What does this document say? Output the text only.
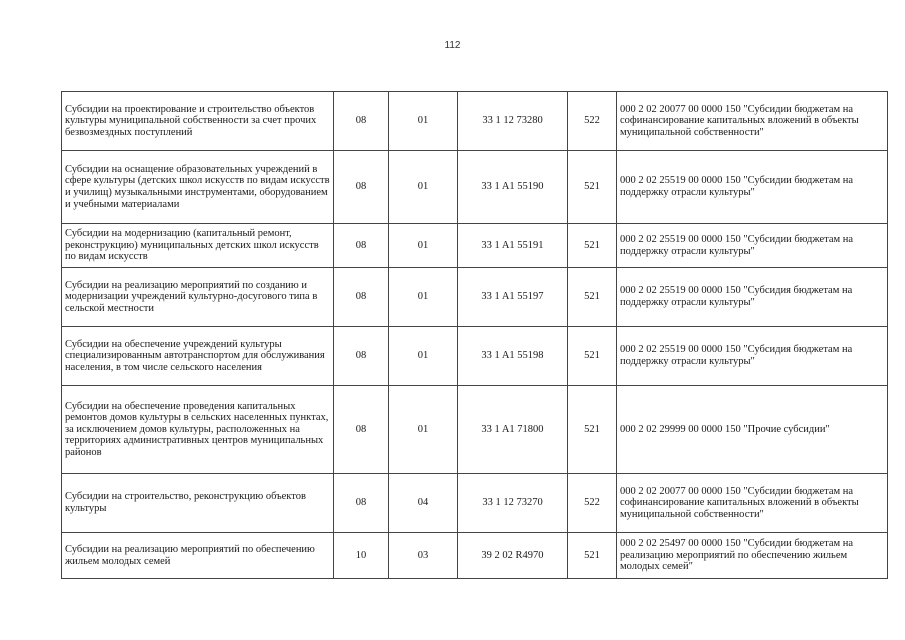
112
Субсидии на проектирование и строительство объектов культуры муниципальной собственности за счет прочих безвозмездных поступлений	08	01	33 1 12 73280	522	000 2 02 20077 00 0000 150 "Субсидии бюджетам на софинансирование капитальных вложений в объекты муниципальной собственности"
Субсидии на оснащение образовательных учреждений в сфере культуры (детских школ искусств по видам искусств и училищ) музыкальными инструментами, оборудованием и учебными материалами	08	01	33 1 A1 55190	521	000 2 02 25519 00 0000 150 "Субсидии бюджетам на поддержку отрасли культуры"
Субсидии на модернизацию (капитальный ремонт, реконструкцию) муниципальных детских школ искусств по видам искусств	08	01	33 1 A1 55191	521	000 2 02 25519 00 0000 150 "Субсидии бюджетам на поддержку отрасли культуры"
Субсидии на реализацию мероприятий по созданию и модернизации учреждений культурно-досугового типа в сельской местности	08	01	33 1 A1 55197	521	000 2 02 25519 00 0000 150 "Субсидия бюджетам на поддержку отрасли культуры"
Субсидии на обеспечение учреждений культуры специализированным автотранспортом для обслуживания населения, в том числе сельского населения	08	01	33 1 A1 55198	521	000 2 02 25519 00 0000 150 "Субсидия бюджетам на поддержку отрасли культуры"
Субсидии на обеспечение проведения капитальных ремонтов домов культуры в сельских населенных пунктах, за исключением домов культуры, расположенных на территориях административных центров муниципальных районов	08	01	33 1 A1 71800	521	000 2 02 29999 00 0000 150 "Прочие субсидии"
Субсидии на строительство, реконструкцию объектов культуры	08	04	33 1 12 73270	522	000 2 02 20077 00 0000 150 "Субсидии бюджетам на софинансирование капитальных вложений в объекты муниципальной собственности"
Субсидии на реализацию мероприятий по обеспечению жильем молодых семей	10	03	39 2 02 R4970	521	000 2 02 25497 00 0000 150 "Субсидии бюджетам на реализацию мероприятий по обеспечению жильем молодых семей"
